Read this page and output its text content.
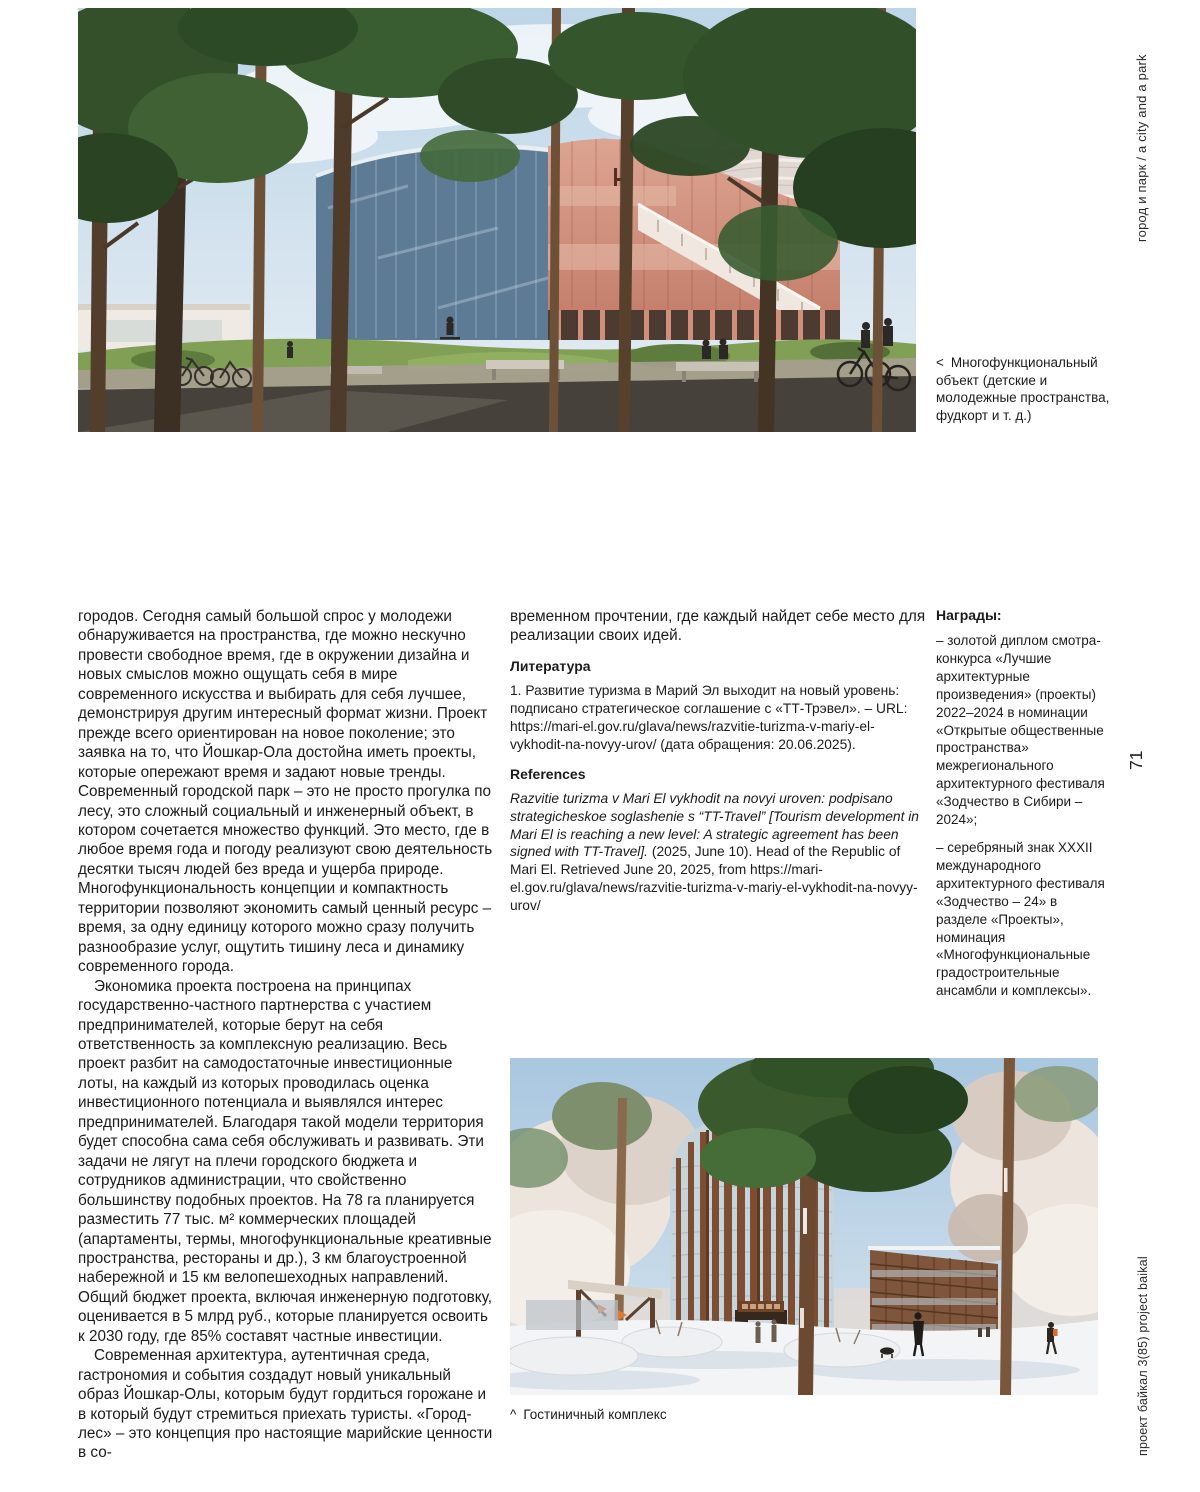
< Многофункциональный объект (детские и молодежные пространства, фудкорт и т. д.)
город и парк / a city and a park
71
проект байкал 3(85) project baikal

городов. Сегодня самый большой спрос у молодежи обнаруживается на пространства, где можно нескучно провести свободное время, где в окружении дизайна и новых смыслов можно ощущать себя в мире современного искусства и выбирать для себя лучшее, демонстрируя другим интересный формат жизни. Проект прежде всего ориентирован на новое поколение; это заявка на то, что Йошкар-Ола достойна иметь проекты, которые опережают время и задают новые тренды. Современный городской парк – это не просто прогулка по лесу, это сложный социальный и инженерный объект, в котором сочетается множество функций. Это место, где в любое время года и погоду реализуют свою деятельность десятки тысяч людей без вреда и ущерба природе. Многофункциональность концепции и компактность территории позволяют экономить самый ценный ресурс – время, за одну единицу которого можно сразу получить разнообразие услуг, ощутить тишину леса и динамику современного города.

Экономика проекта построена на принципах государственно-частного партнерства с участием предпринимателей, которые берут на себя ответственность за комплексную реализацию. Весь проект разбит на самодостаточные инвестиционные лоты, на каждый из которых проводилась оценка инвестиционного потенциала и выявлялся интерес предпринимателей. Благодаря такой модели территория будет способна сама себя обслуживать и развивать. Эти задачи не лягут на плечи городского бюджета и сотрудников администрации, что свойственно большинству подобных проектов. На 78 га планируется разместить 77 тыс. м² коммерческих площадей (апартаменты, термы, многофункциональные креативные пространства, рестораны и др.), 3 км благоустроенной набережной и 15 км велопешеходных направлений. Общий бюджет проекта, включая инженерную подготовку, оценивается в 5 млрд руб., которые планируется освоить к 2030 году, где 85% составят частные инвестиции.

Современная архитектура, аутентичная среда, гастрономия и события создадут новый уникальный образ Йошкар-Олы, которым будут гордиться горожане и в который будут стремиться приехать туристы. «Город-лес» – это концепция про настоящие марийские ценности в со-

временном прочтении, где каждый найдет себе место для реализации своих идей.

Литература

1. Развитие туризма в Марий Эл выходит на новый уровень: подписано стратегическое соглашение с «ТТ-Трэвел». – URL: https://mari-el.gov.ru/glava/news/razvitie-turizma-v-mariy-el-vykhodit-na-novyy-urov/ (дата обращения: 20.06.2025).

References

Razvitie turizma v Mari El vykhodit na novyi uroven: podpisano strategicheskoe soglashenie s “TT-Travel” [Tourism development in Mari El is reaching a new level: A strategic agreement has been signed with TT-Travel]. (2025, June 10). Head of the Republic of Mari El. Retrieved June 20, 2025, from https://mari-el.gov.ru/glava/news/razvitie-turizma-v-mariy-el-vykhodit-na-novyy-urov/

Награды:

– золотой диплом смотра-конкурса «Лучшие архитектурные произведения» (проекты) 2022–2024 в номинации «Открытые общественные пространства» межрегионального архитектурного фестиваля «Зодчество в Сибири – 2024»;

– серебряный знак XXXII международного архитектурного фестиваля «Зодчество – 24» в разделе «Проекты», номинация «Многофункциональные градостроительные ансамбли и комплексы».

^ Гостиничный комплекс
